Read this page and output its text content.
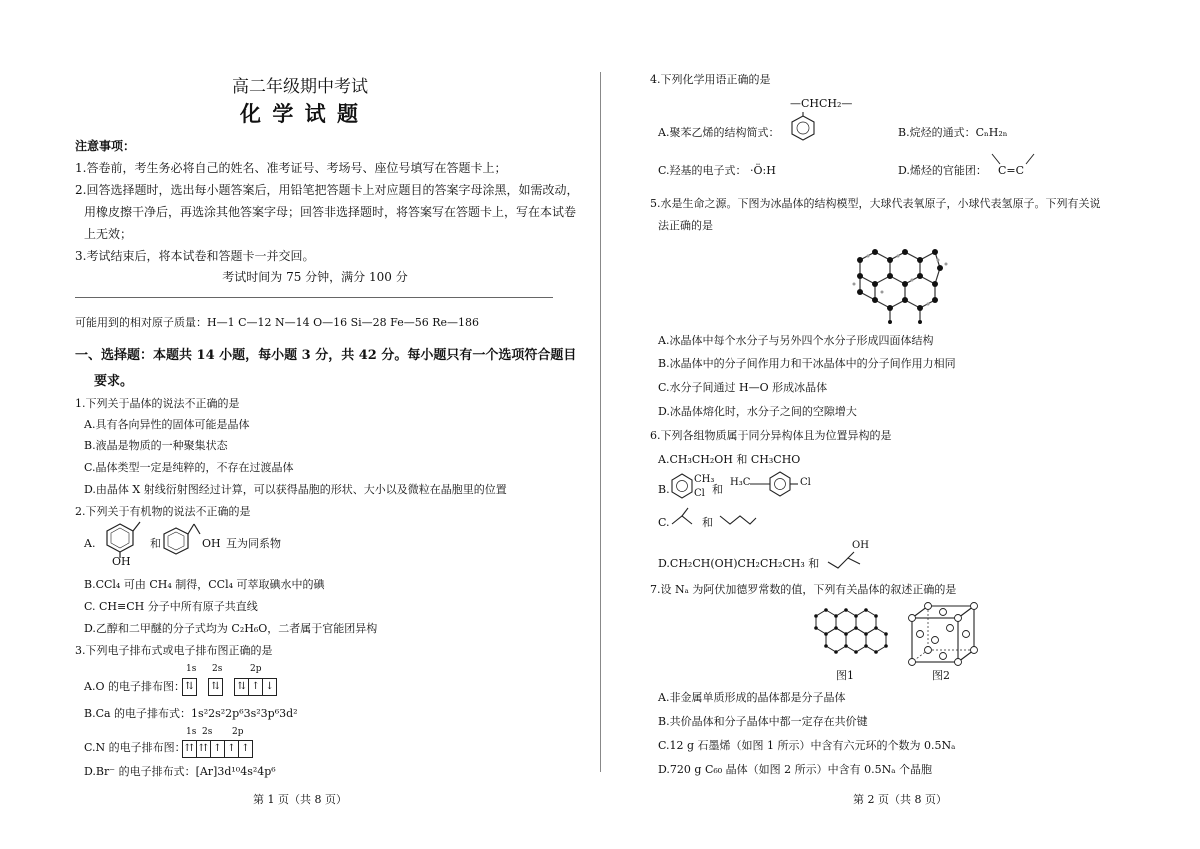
高二年级期中考试
化 学 试 题
注意事项：
1.答卷前，考生务必将自己的姓名、准考证号、考场号、座位号填写在答题卡上；
2.回答选择题时，选出每小题答案后，用铅笔把答题卡上对应题目的答案字母涂黑，如需改动，
用橡皮擦干净后，再选涂其他答案字母；回答非选择题时，将答案写在答题卡上，写在本试卷
上无效；
3.考试结束后，将本试卷和答题卡一并交回。
考试时间为 75 分钟，满分 100 分
可能用到的相对原子质量：H—1 C—12 N—14 O—16 Si—28 Fe—56 Re—186
一、选择题：本题共 14 小题，每小题 3 分，共 42 分。每小题只有一个选项符合题目
要求。
1.下列关于晶体的说法不正确的是
A.具有各向异性的固体可能是晶体
B.液晶是物质的一种聚集状态
C.晶体类型一定是纯粹的，不存在过渡晶体
D.由晶体 X 射线衍射图经过计算，可以获得晶胞的形状、大小以及微粒在晶胞里的位置
2.下列关于有机物的说法不正确的是
A.
OH
和	OH 互为同系物
B.CCl₄ 可由 CH₄ 制得，CCl₄ 可萃取碘水中的碘
C. CH≡CH 分子中所有原子共直线
D.乙醇和二甲醚的分子式均为 C₂H₆O，二者属于官能团异构
3.下列电子排布式或电子排布图正确的是
1s 2s	2p
A.O 的电子排布图： ⇅
⇅
⇅ ↑ ↓
B.Ca 的电子排布式：1s²2s²2p⁶3s²3p⁶3d²
1s 2s 2p
C.N 的电子排布图： ⇈ ⇈ ↑ ↑ ↑
D.Br⁻ 的电子排布式：[Ar]3d¹⁰4s²4p⁶
第 1 页（共 8 页）
4.下列化学用语正确的是
—CHCH₂—
A.聚苯乙烯的结构简式：	B.烷烃的通式：CₙH₂ₙ
C.羟基的电子式： ·Ö:H	D.烯烃的官能团： C=C
5.水是生命之源。下图为冰晶体的结构模型，大球代表氧原子，小球代表氢原子。下列有关说
法正确的是
A.冰晶体中每个水分子与另外四个水分子形成四面体结构
B.冰晶体中的分子间作用力和干冰晶体中的分子间作用力相同
C.水分子间通过 H—O 形成冰晶体
D.冰晶体熔化时，水分子之间的空隙增大
6.下列各组物质属于同分异构体且为位置异构的是
A.CH₃CH₂OH 和 CH₃CHO
B.
CH₃
Cl 和
H₃C	Cl
C.	和
D.CH₂CH(OH)CH₂CH₂CH₃ 和
OH
7.设 Nₐ 为阿伏加德罗常数的值，下列有关晶体的叙述正确的是
图1	图2
A.非金属单质形成的晶体都是分子晶体
B.共价晶体和分子晶体中都一定存在共价键
C.12 g 石墨烯（如图 1 所示）中含有六元环的个数为 0.5Nₐ
D.720 g C₆₀ 晶体（如图 2 所示）中含有 0.5Nₐ 个晶胞
第 2 页（共 8 页）
